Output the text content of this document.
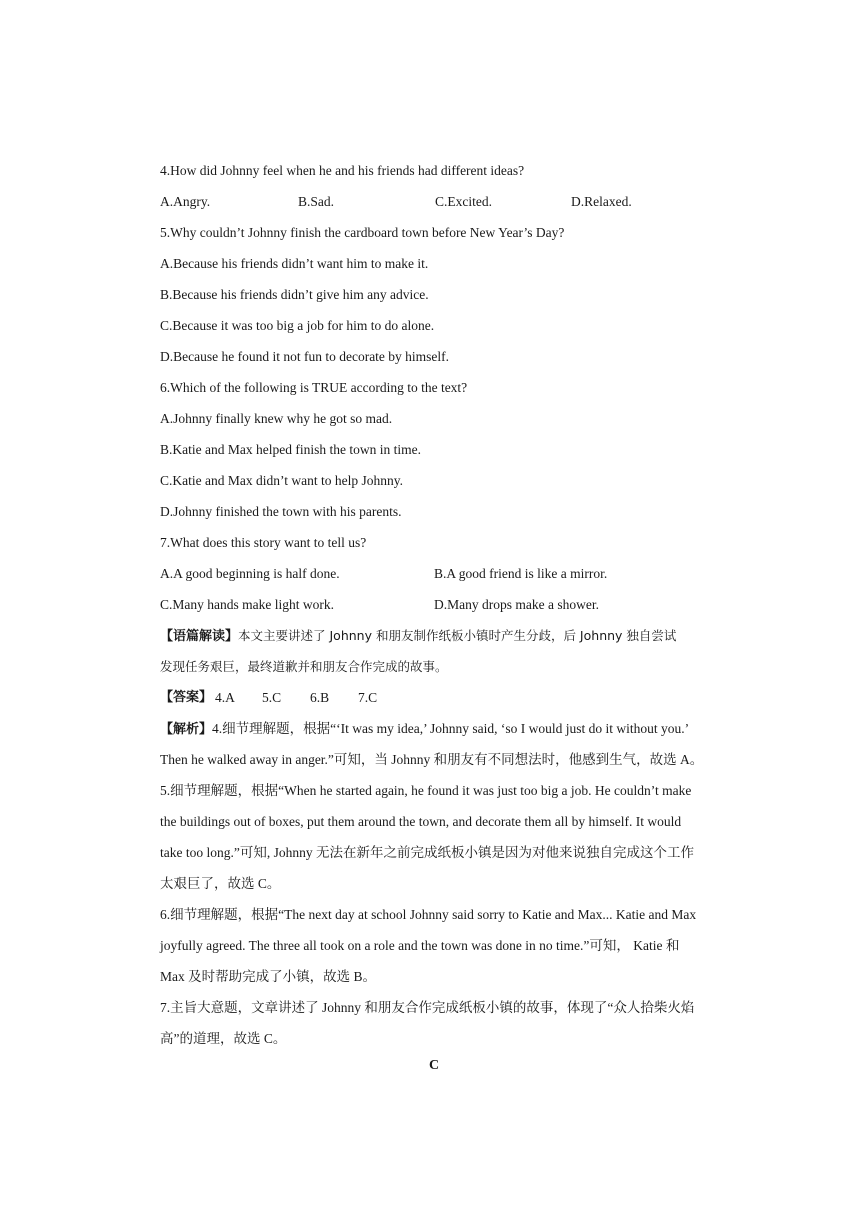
4.How did Johnny feel when he and his friends had different ideas?
A.Angry.	B.Sad.	C.Excited.	D.Relaxed.
5.Why couldn’t Johnny finish the cardboard town before New Year’s Day?
A.Because his friends didn’t want him to make it.
B.Because his friends didn’t give him any advice.
C.Because it was too big a job for him to do alone.
D.Because he found it not fun to decorate by himself.
6.Which of the following is TRUE according to the text?
A.Johnny finally knew why he got so mad.
B.Katie and Max helped finish the town in time.
C.Katie and Max didn’t want to help Johnny.
D.Johnny finished the town with his parents.
7.What does this story want to tell us?
A.A good beginning is half done.	B.A good friend is like a mirror.
C.Many hands make light work.	D.Many drops make a shower.
【语篇解读】本文主要讲述了 Johnny 和朋友制作纸板小镇时产生分歧，后 Johnny 独自尝试
发现任务艰巨，最终道歉并和朋友合作完成的故事。
【答案】 4.A 5.C 6.B 7.C
【解析】4.细节理解题，根据“‘It was my idea,’ Johnny said, ‘so I would just do it without you.’
Then he walked away in anger.”可知，当 Johnny 和朋友有不同想法时，他感到生气，故选 A。
5.细节理解题，根据“When he started again, he found it was just too big a job. He couldn’t make
the buildings out of boxes, put them around the town, and decorate them all by himself. It would
take too long.”可知, Johnny 无法在新年之前完成纸板小镇是因为对他来说独自完成这个工作
太艰巨了，故选 C。
6.细节理解题，根据“The next day at school Johnny said sorry to Katie and Max... Katie and Max
joyfully agreed. The three all took on a role and the town was done in no time.”可知， Katie 和
Max 及时帮助完成了小镇，故选 B。
7.主旨大意题，文章讲述了 Johnny 和朋友合作完成纸板小镇的故事，体现了“众人拾柴火焰
高”的道理，故选 C。
C
